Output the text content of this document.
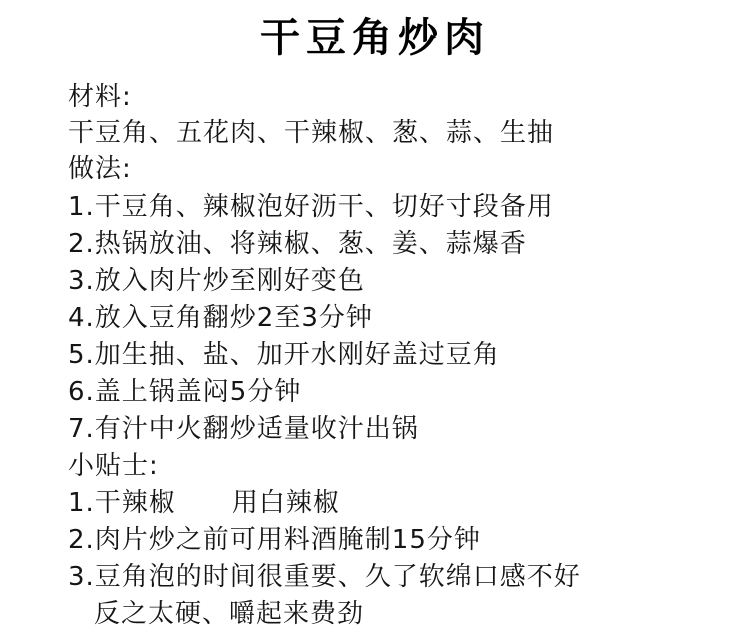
干豆角炒肉
材料:
干豆角、五花肉、干辣椒、葱、蒜、生抽
做法:
1.干豆角、辣椒泡好沥干、切好寸段备用
2.热锅放油、将辣椒、葱、姜、蒜爆香
3.放入肉片炒至刚好变色
4.放入豆角翻炒2至3分钟
5.加生抽、盐、加开水刚好盖过豆角
6.盖上锅盖闷5分钟
7.有汁中火翻炒适量收汁出锅
小贴士:
1.干辣椒 用白辣椒
2.肉片炒之前可用料酒腌制15分钟
3.豆角泡的时间很重要、久了软绵口感不好
反之太硬、嚼起来费劲
